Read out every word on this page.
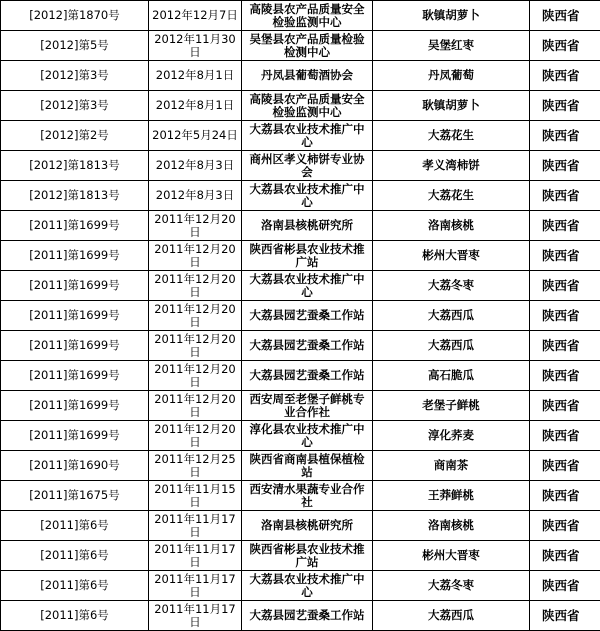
[2012]第1870号	2012年12月7日	高陵县农产品质量安全检验监测中心	耿镇胡萝卜	陕西省
[2012]第5号	2012年11月30日	吴堡县农产品质量检验检测中心	吴堡红枣	陕西省
[2012]第3号	2012年8月1日	丹凤县葡萄酒协会	丹凤葡萄	陕西省
[2012]第3号	2012年8月1日	高陵县农产品质量安全检验监测中心	耿镇胡萝卜	陕西省
[2012]第2号	2012年5月24日	大荔县农业技术推广中心	大荔花生	陕西省
[2012]第1813号	2012年8月3日	商州区孝义柿饼专业协会	孝义湾柿饼	陕西省
[2012]第1813号	2012年8月3日	大荔县农业技术推广中心	大荔花生	陕西省
[2011]第1699号	2011年12月20日	洛南县核桃研究所	洛南核桃	陕西省
[2011]第1699号	2011年12月20日	陕西省彬县农业技术推广站	彬州大晋枣	陕西省
[2011]第1699号	2011年12月20日	大荔县农业技术推广中心	大荔冬枣	陕西省
[2011]第1699号	2011年12月20日	大荔县园艺蚕桑工作站	大荔西瓜	陕西省
[2011]第1699号	2011年12月20日	大荔县园艺蚕桑工作站	大荔西瓜	陕西省
[2011]第1699号	2011年12月20日	大荔县园艺蚕桑工作站	高石脆瓜	陕西省
[2011]第1699号	2011年12月20日	西安周至老堡子鲜桃专业合作社	老堡子鲜桃	陕西省
[2011]第1699号	2011年12月20日	淳化县农业技术推广中心	淳化荞麦	陕西省
[2011]第1690号	2011年12月25日	陕西省商南县植保植检站	商南茶	陕西省
[2011]第1675号	2011年11月15日	西安清水果蔬专业合作社	王莽鲜桃	陕西省
[2011]第6号	2011年11月17日	洛南县核桃研究所	洛南核桃	陕西省
[2011]第6号	2011年11月17日	陕西省彬县农业技术推广站	彬州大晋枣	陕西省
[2011]第6号	2011年11月17日	大荔县农业技术推广中心	大荔冬枣	陕西省
[2011]第6号	2011年11月17日	大荔县园艺蚕桑工作站	大荔西瓜	陕西省
